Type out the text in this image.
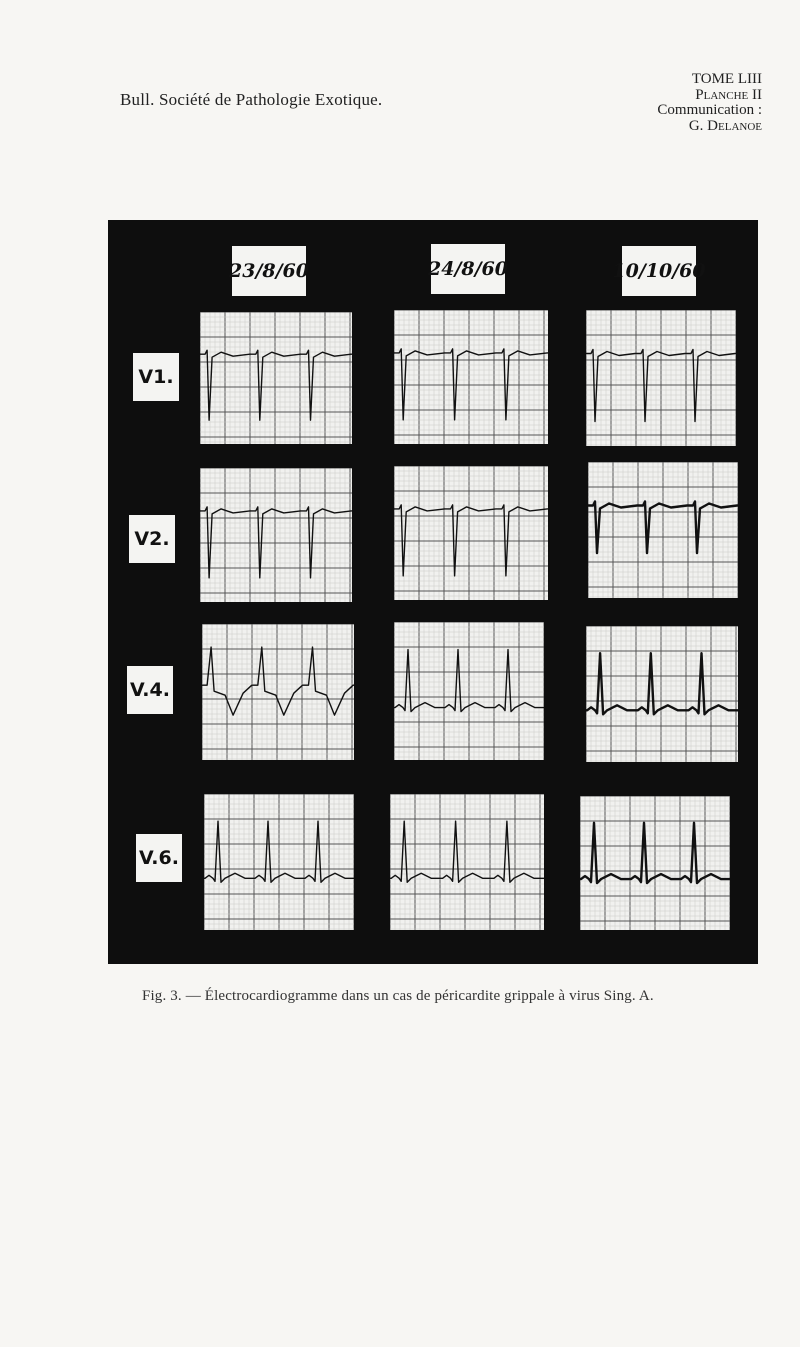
Bull. Société de Pathologie Exotique.
TOME LIII
Planche II
Communication :
G. Delanoe
23/8/60	24/8/60	10/10/60
V1.
V2.
V.4.
V.6.
Fig. 3. — Électrocardiogramme dans un cas de péricardite grippale à virus Sing. A.
